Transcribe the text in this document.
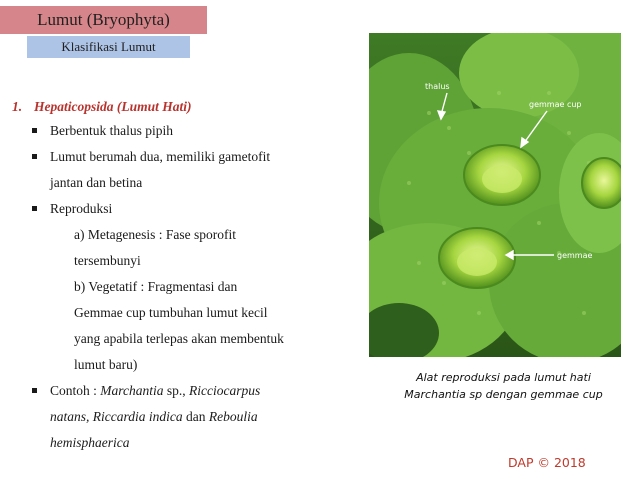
Lumut (Bryophyta)
Klasifikasi Lumut
1. Hepaticopsida (Lumut Hati)
Berbentuk thalus pipih
Lumut berumah dua, memiliki gametofit
jantan dan betina
Reproduksi
a) Metagenesis : Fase sporofit
tersembunyi
b) Vegetatif : Fragmentasi dan
Gemmae cup tumbuhan lumut kecil
yang apabila terlepas akan membentuk
lumut baru)
Contoh : Marchantia sp., Ricciocarpus
natans, Riccardia indica dan Reboulia
hemisphaerica
thalus
gemmae cup
gemmae
Alat reproduksi pada lumut hati
Marchantia sp dengan gemmae cup
DAP © 2018
